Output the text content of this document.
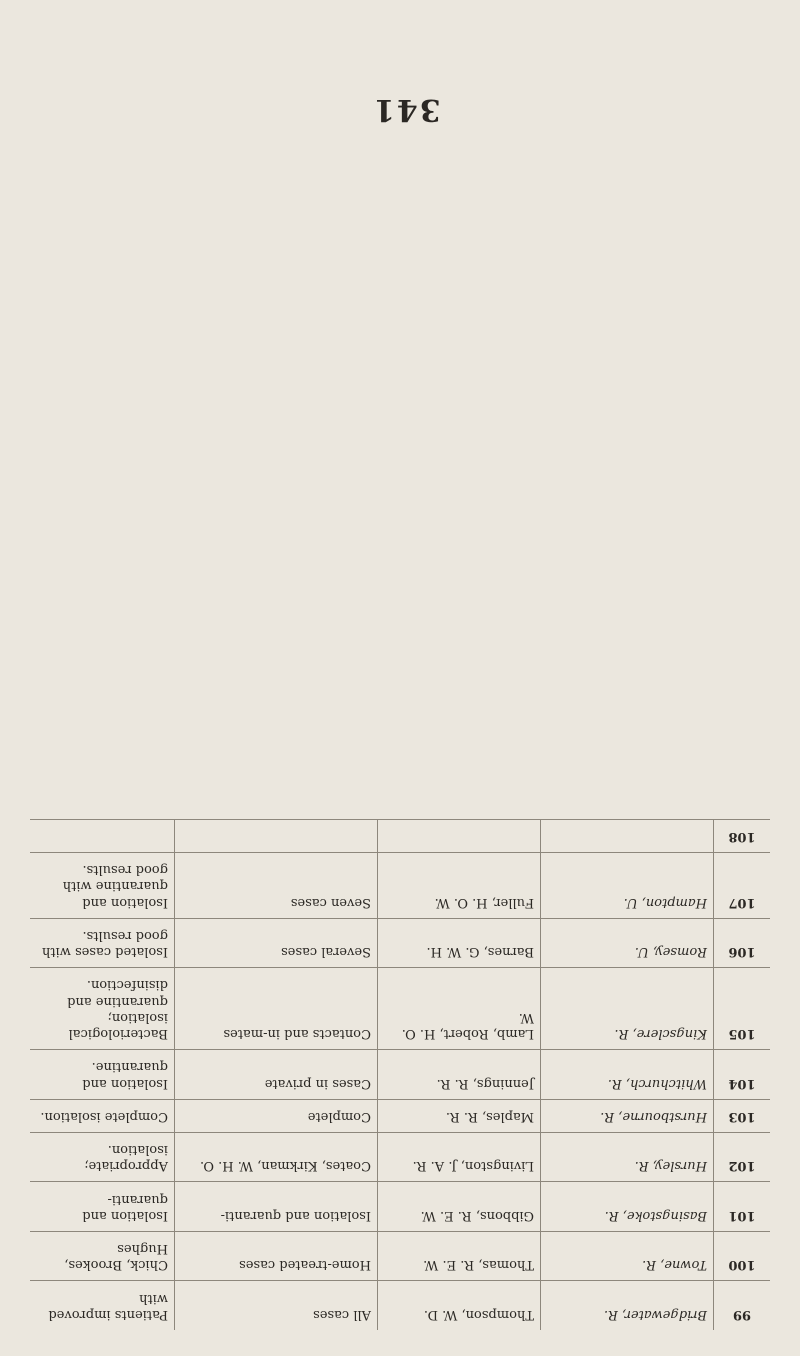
341
99	Bridgewater, R.	Thompson, W. D.	All cases	Patients improved with
100	Towne, R.	Thomas, R. E. W.	Home-treated cases	Chick, Brookes, Hughes
101	Basingstoke, R.	Gibbons, R. E. W.	Isolation and quaranti-	Isolation and quaranti-
102	Hursley, R.	Livingston, J. A. R.	Coates, Kirkman, W. H. O.	Appropriate; isolation.
103	Hurstbourne, R.	Maples, R. R.	Complete	Complete isolation.
104	Whitchurch, R.	Jennings, R. R.	Cases in private	Isolation and quarantine.
105	Kingsclere, R.	Lamb, Robert, H. O. W.	Contacts and in-mates	Bacteriological isolation; quarantine and disinfection.
106	Romsey, U.	Barnes, G. W. H.	Several cases	Isolated cases with good results.
107	Hampton, U.	Fuller, H. O. W.	Seven cases	Isolation and quarantine with good results.
108				
